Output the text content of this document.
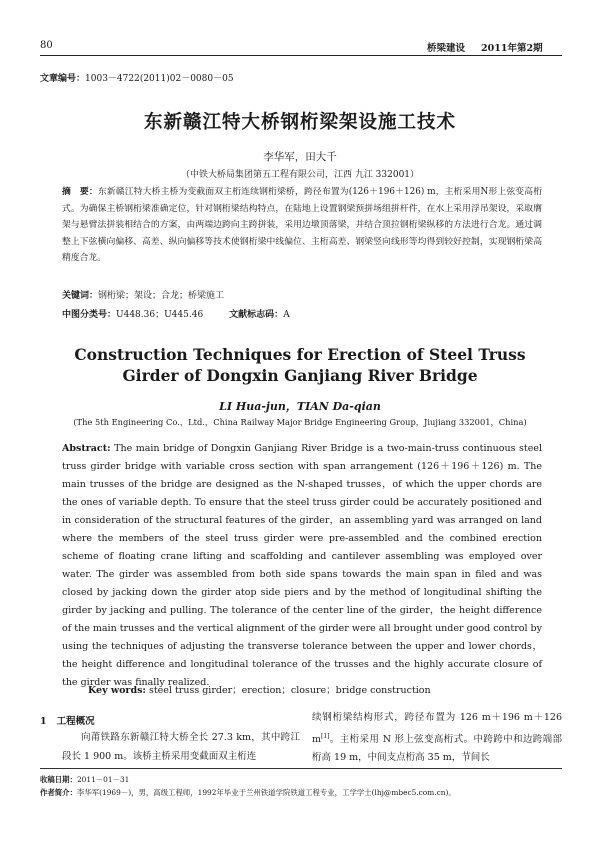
80	桥梁建设 2011年第2期
文章编号：1003－4722(2011)02－0080－05
东新赣江特大桥钢桁梁架设施工技术
李华军，田大千
（中铁大桥局集团第五工程有限公司，江西 九江 332001）
摘　要：东新赣江特大桥主桥为变截面双主桁连续钢桁梁桥，跨径布置为(126＋196＋126) m，主桁采用N形上弦变高桁式。为确保主桥钢桁梁准确定位，针对钢桁梁结构特点，在陆地上设置钢梁预拼场组拼杆件，在水上采用浮吊架设，采取膺架与悬臂法拼装相结合的方案，由两端边跨向主跨拼装，采用边墩顶落梁，并结合顶拉钢桁梁纵移的方法进行合龙。通过调整上下弦横向偏移、高差、纵向偏移等技术使钢桁梁中线偏位、主桁高差、钢梁竖向线形等均得到较好控制，实现钢桁梁高精度合龙。
关键词：钢桁梁；架设；合龙；桥梁施工
中图分类号：U448.36；U445.46	文献标志码：A
Construction Techniques for Erection of Steel Truss
Girder of Dongxin Ganjiang River Bridge
LI Hua-jun，TIAN Da-qian
(The 5th Engineering Co.，Ltd.，China Railway Major Bridge Engineering Group，Jiujiang 332001，China)
Abstract: The main bridge of Dongxin Ganjiang River Bridge is a two-main-truss continuous steel truss girder bridge with variable cross section with span arrangement (126＋196＋126) m. The main trusses of the bridge are designed as the N-shaped trusses，of which the upper chords are the ones of variable depth. To ensure that the steel truss girder could be accurately positioned and in consideration of the structural features of the girder，an assembling yard was arranged on land where the members of the steel truss girder were pre-assembled and the combined erection scheme of floating crane lifting and scaffolding and cantilever assembling was employed over water. The girder was assembled from both side spans towards the main span in filed and was closed by jacking down the girder atop side piers and by the method of longitudinal shifting the girder by jacking and pulling. The tolerance of the center line of the girder，the height difference of the main trusses and the vertical alignment of the girder were all brought under good control by using the techniques of adjusting the transverse tolerance between the upper and lower chords，the height difference and longitudinal tolerance of the trusses and the highly accurate closure of the girder was finally realized.
Key words: steel truss girder；erection；closure；bridge construction
1 工程概况
向莆铁路东新赣江特大桥全长 27.3 km，其中跨江段长 1 900 m。该桥主桥采用变截面双主桁连
续钢桁梁结构形式，跨径布置为 126 m＋196 m＋126 m[1]。主桁采用 N 形上弦变高桁式。中跨跨中和边跨端部桁高 19 m，中间支点桁高 35 m，节间长
收稿日期：2011－01－31
作者简介：李华军(1969－)，男，高级工程师，1992年毕业于兰州铁道学院铁道工程专业，工学学士(lhj@mbec5.com.cn)。
